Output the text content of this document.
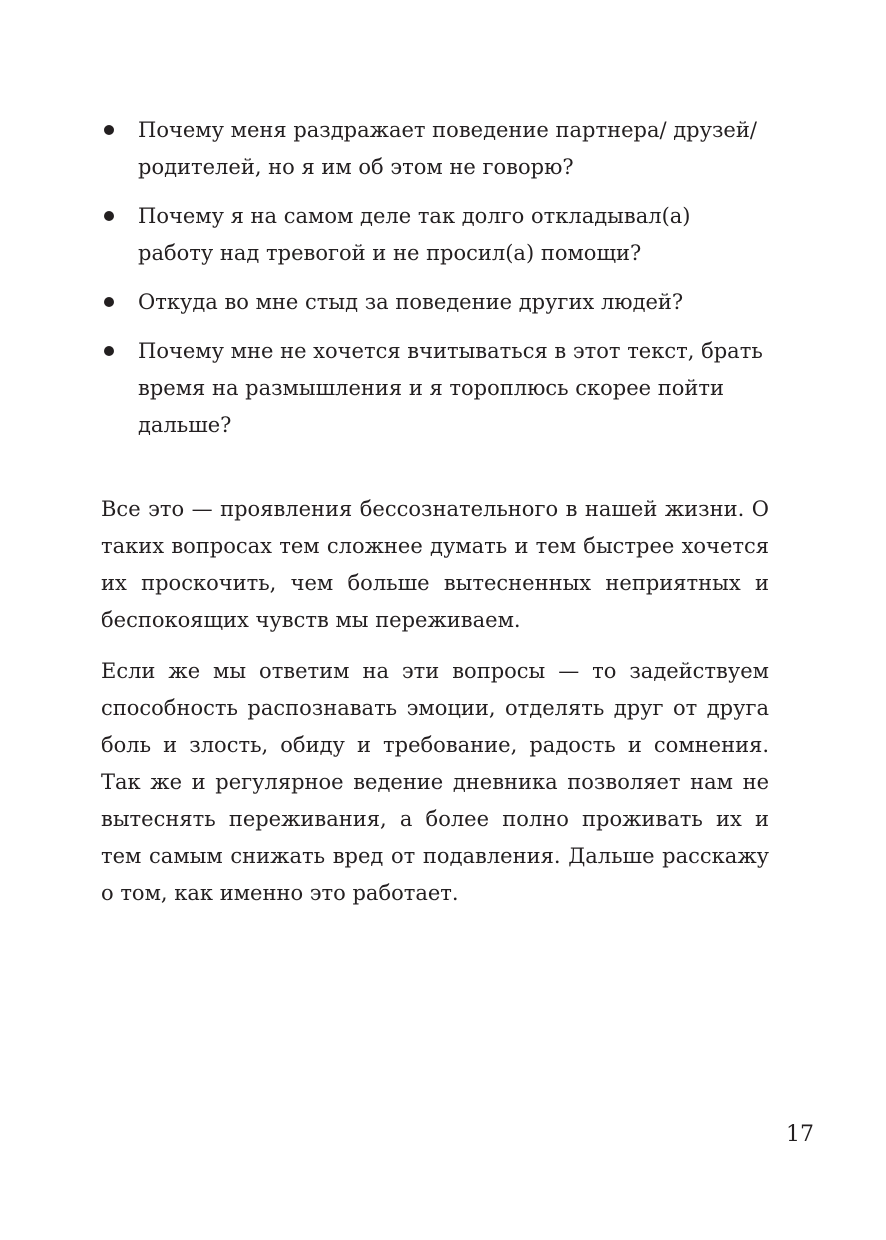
Почему меня раздражает поведение партнера/ друзей/родителей, но я им об этом не говорю?
Почему я на самом деле так долго откладывал(а) работу над тревогой и не просил(а) помощи?
Откуда во мне стыд за поведение других людей?
Почему мне не хочется вчитываться в этот текст, брать время на размышления и я тороплюсь скорее пойти дальше?

Все это — проявления бессознательного в нашей жизни. О таких вопросах тем сложнее думать и тем быстрее хочется их проскочить, чем больше вытесненных неприятных и беспокоящих чувств мы переживаем.

Если же мы ответим на эти вопросы — то задействуем способность распознавать эмоции, отделять друг от друга боль и злость, обиду и требование, радость и сомнения. Так же и регулярное ведение дневника позволяет нам не вытеснять переживания, а более полно проживать их и тем самым снижать вред от подавления. Дальше расскажу о том, как именно это работает.

17
